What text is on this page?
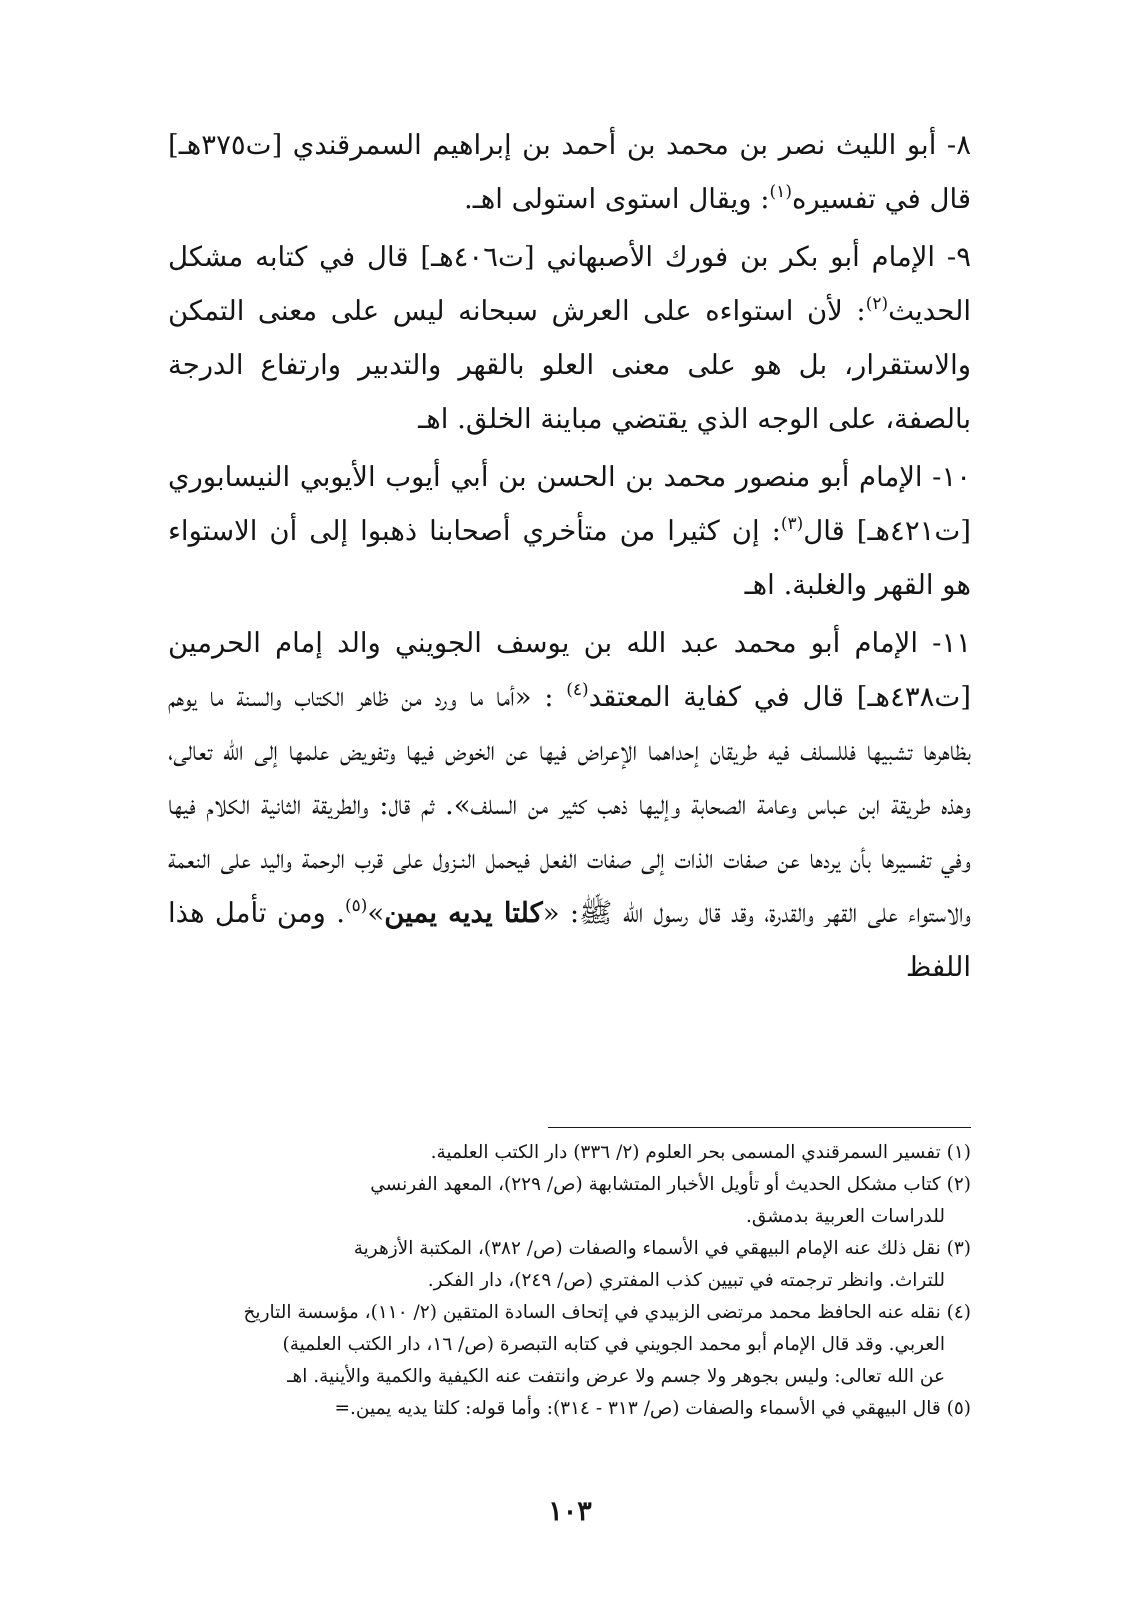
٨- أبو الليث نصر بن محمد بن أحمد بن إبراهيم السمرقندي [ت٣٧٥هـ] قال في تفسيره$^{(١)}$: ويقال استوى استولى اهـ.

٩- الإمام أبو بكر بن فورك الأصبهاني [ت٤٠٦هـ] قال في كتابه مشكل الحديث$^{(٢)}$: لأن استواءه على العرش سبحانه ليس على معنى التمكن والاستقرار، بل هو على معنى العلو بالقهر والتدبير وارتفاع الدرجة بالصفة، على الوجه الذي يقتضي مباينة الخلق. اهـ

١٠- الإمام أبو منصور محمد بن الحسن بن أبي أيوب الأيوبي النيسابوري [ت٤٢١هـ] قال$^{(٣)}$: إن كثيرا من متأخري أصحابنا ذهبوا إلى أن الاستواء هو القهر والغلبة. اهـ

١١- الإمام أبو محمد عبد الله بن يوسف الجويني والد إمام الحرمين [ت٤٣٨هـ] قال في كفاية المعتقد$^{(٤)}$ : «أما ما ورد من ظاهر الكتاب والسنة ما يوهم بظاهرها تشبيها فللسلف فيه طريقان إحداهما الإعراض فيها عن الخوض فيها وتفويض علمها إلى الله تعالى، وهذه طريقة ابن عباس وعامة الصحابة وإليها ذهب كثير من السلف». ثم قال: والطريقة الثانية الكلام فيها وفي تفسيرها بأن يردها عن صفات الذات إلى صفات الفعل فيحمل النـزول على قرب الرحمة واليد على النعمة والاستواء على القهر والقدرة، وقد قال رسول الله ﷺ: «كلتا يديه يمين»$^{(٥)}$. ومن تأمل هذا اللفظ

(١) تفسير السمرقندي المسمى بحر العلوم (٢/ ٣٣٦) دار الكتب العلمية.

(٢) كتاب مشكل الحديث أو تأويل الأخبار المتشابهة (ص/ ٢٢٩)، المعهد الفرنسي

للدراسات العربية بدمشق.

(٣) نقل ذلك عنه الإمام البيهقي في الأسماء والصفات (ص/ ٣٨٢)، المكتبة الأزهرية

للتراث. وانظر ترجمته في تبيين كذب المفتري (ص/ ٢٤٩)، دار الفكر.

(٤) نقله عنه الحافظ محمد مرتضى الزبيدي في إتحاف السادة المتقين (٢/ ١١٠)، مؤسسة التاريخ

العربي. وقد قال الإمام أبو محمد الجويني في كتابه التبصرة (ص/ ١٦، دار الكتب العلمية)

عن الله تعالى: وليس بجوهر ولا جسم ولا عرض وانتفت عنه الكيفية والكمية والأينية. اهـ

(٥) قال البيهقي في الأسماء والصفات (ص/ ٣١٣ - ٣١٤): وأما قوله: كلتا يديه يمين.=

١٠٣
